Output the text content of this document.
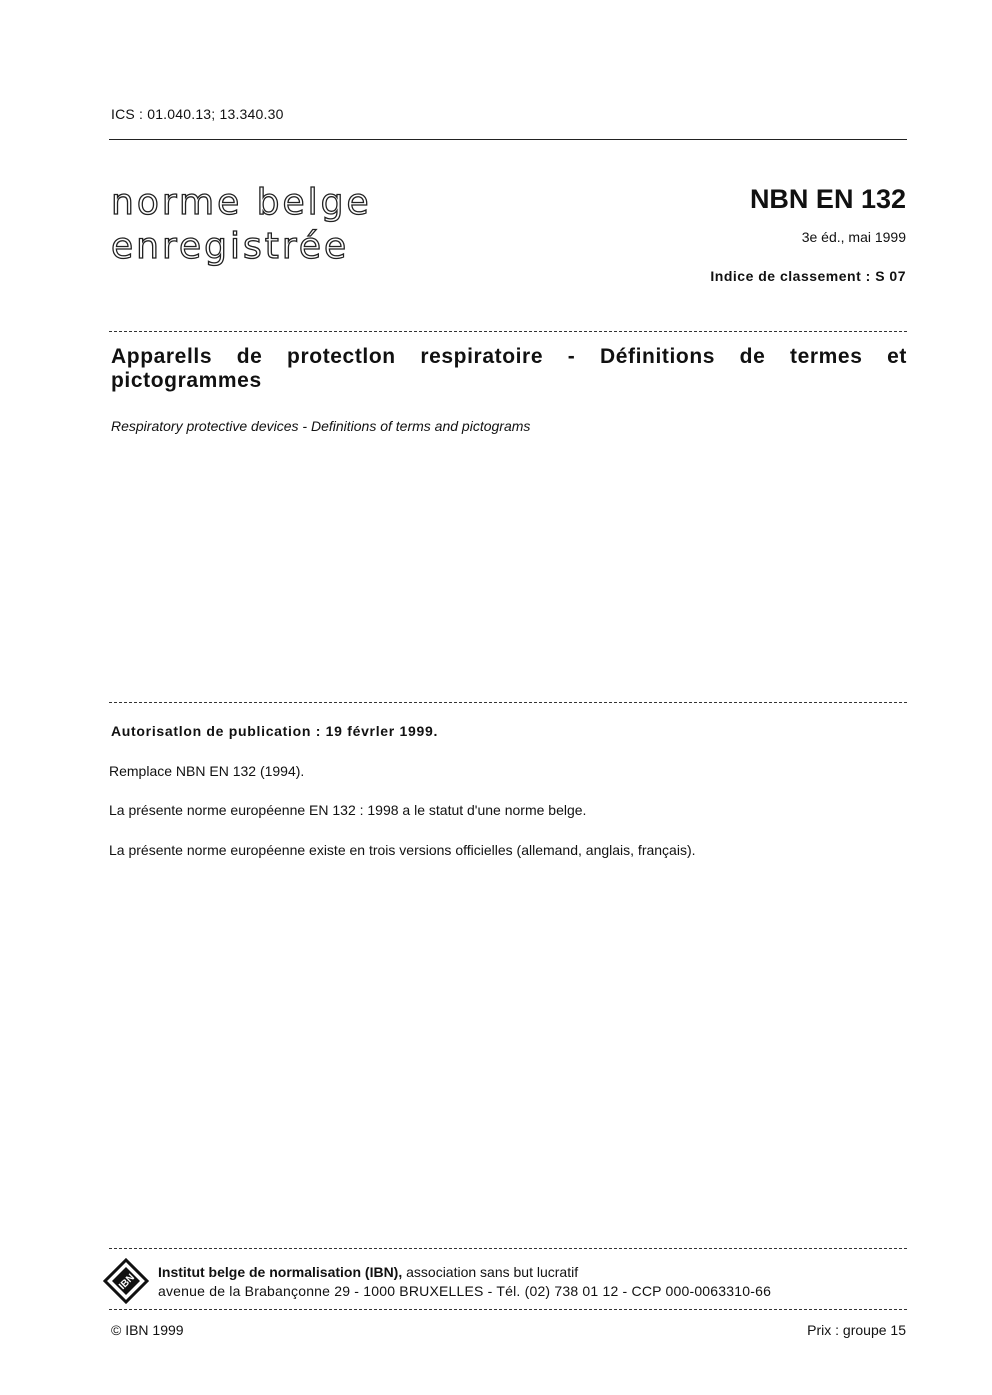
ICS : 01.040.13; 13.340.30
norme belge
enregistrée
NBN EN 132
3e éd., mai 1999
Indice de classement : S 07
Apparells de protectlon respiratoire - Définitions de termes et pictogrammes
Respiratory protective devices - Definitions of terms and pictograms
Autorisatlon de publication : 19 févrler 1999.
Remplace NBN EN 132 (1994).
La présente norme européenne EN 132 : 1998 a le statut d'une norme belge.
La présente norme européenne existe en trois versions officielles (allemand, anglais, français).
IBN
Institut belge de normalisation (IBN), association sans but lucratif
avenue de la Brabançonne 29 - 1000 BRUXELLES - Tél. (02) 738 01 12 - CCP 000-0063310-66
© IBN 1999	Prix : groupe 15
